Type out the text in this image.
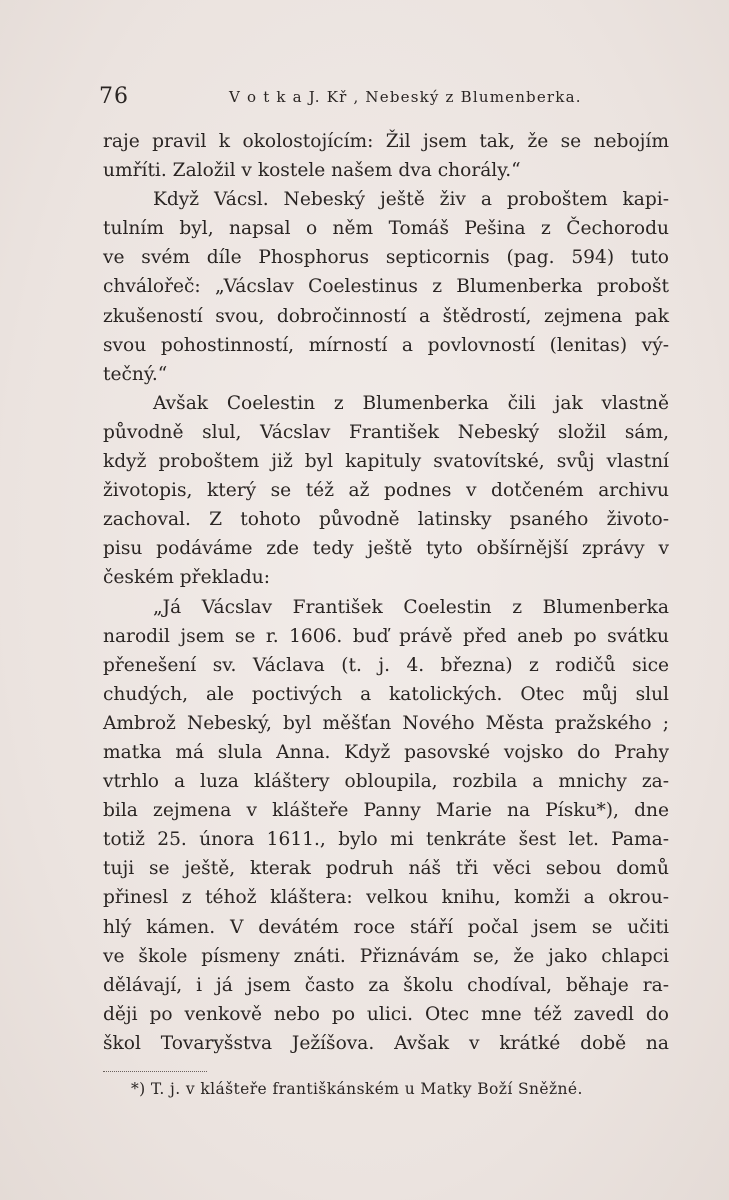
76	V o t k a J. Kř , Nebeský z Blumenberka.
raje pravil k okolostojícím: Žil jsem tak, že se nebojím
umříti. Založil v kostele našem dva chorály.“
Když Vácsl. Nebeský ještě živ a proboštem kapi-
tulním byl, napsal o něm Tomáš Pešina z Čechorodu
ve svém díle Phosphorus septicornis (pag. 594) tuto
chválořeč: „Vácslav Coelestinus z Blumenberka probošt
zkušeností svou, dobročinností a štědrostí, zejmena pak
svou pohostinností, mírností a povlovností (lenitas) vý-
tečný.“
Avšak Coelestin z Blumenberka čili jak vlastně
původně slul, Vácslav František Nebeský složil sám,
když proboštem již byl kapituly svatovítské, svůj vlastní
životopis, který se též až podnes v dotčeném archivu
zachoval. Z tohoto původně latinsky psaného životo-
pisu podáváme zde tedy ještě tyto obšírnější zprávy v
českém překladu:
„Já Vácslav František Coelestin z Blumenberka
narodil jsem se r. 1606. buď právě před aneb po svátku
přenešení sv. Václava (t. j. 4. března) z rodičů sice
chudých, ale poctivých a katolických. Otec můj slul
Ambrož Nebeský, byl měšťan Nového Města pražského ;
matka má slula Anna. Když pasovské vojsko do Prahy
vtrhlo a luza kláštery obloupila, rozbila a mnichy za-
bila zejmena v klášteře Panny Marie na Písku*), dne
totiž 25. února 1611., bylo mi tenkráte šest let. Pama-
tuji se ještě, kterak podruh náš tři věci sebou domů
přinesl z téhož kláštera: velkou knihu, komži a okrou-
hlý kámen. V devátém roce stáří počal jsem se učiti
ve škole písmeny znáti. Přiznávám se, že jako chlapci
dělávají, i já jsem často za školu chodíval, běhaje ra-
ději po venkově nebo po ulici. Otec mne též zavedl do
škol Tovaryšstva Ježíšova. Avšak v krátké době na
*) T. j. v klášteře františkánském u Matky Boží Sněžné.
